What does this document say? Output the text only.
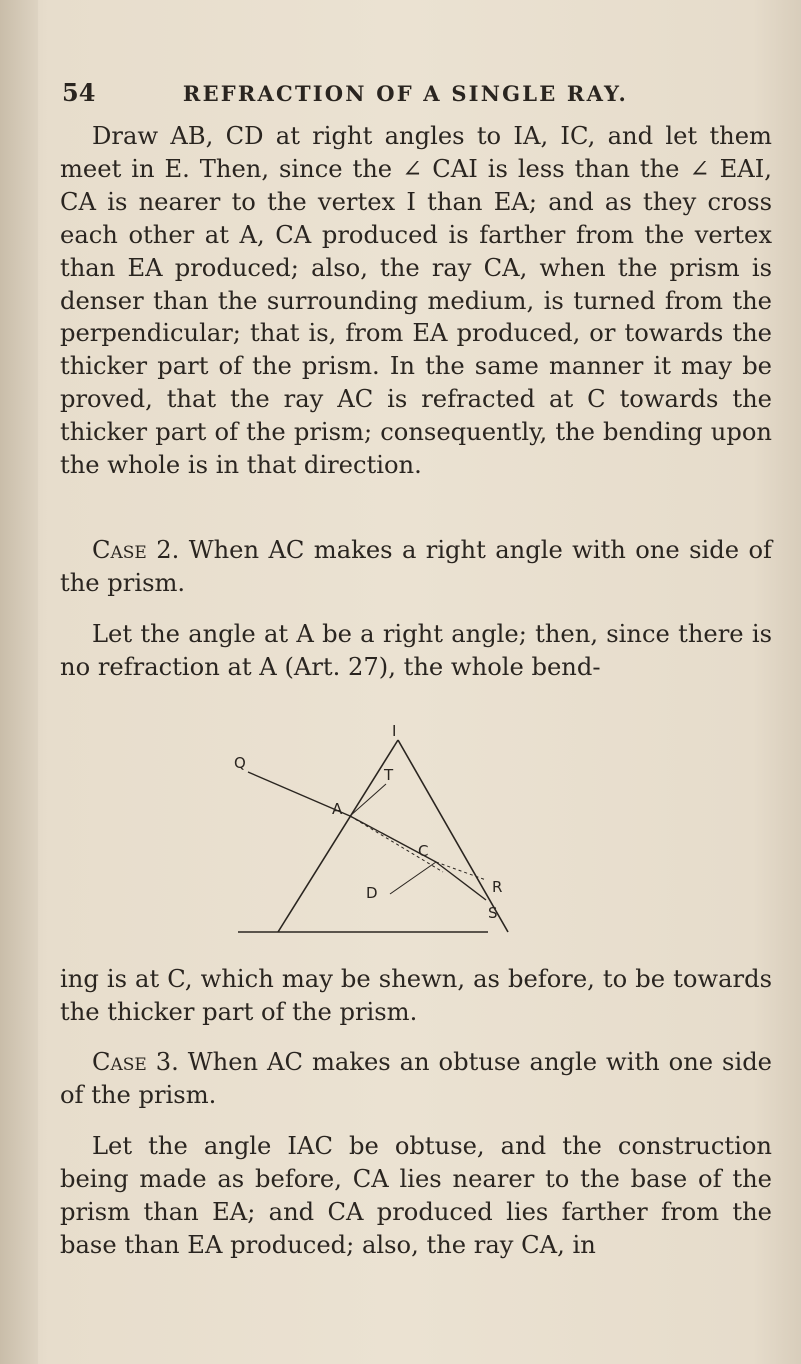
54	REFRACTION OF A SINGLE RAY.

Draw AB, CD at right angles to IA, IC, and let them meet in E. Then, since the ∠ CAI is less than the ∠ EAI, CA is nearer to the vertex I than EA; and as they cross each other at A, CA produced is farther from the vertex than EA produced; also, the ray CA, when the prism is denser than the surrounding medium, is turned from the perpendicular; that is, from EA produced, or towards the thicker part of the prism. In the same manner it may be proved, that the ray AC is refracted at C towards the thicker part of the prism; consequently, the bending upon the whole is in that direction.

Case 2. When AC makes a right angle with one side of the prism.

Let the angle at A be a right angle; then, since there is no refraction at A (Art. 27), the whole bend-

I
Q
T
A
C
D	R
S

ing is at C, which may be shewn, as before, to be towards the thicker part of the prism.

Case 3. When AC makes an obtuse angle with one side of the prism.

Let the angle IAC be obtuse, and the construction being made as before, CA lies nearer to the base of the prism than EA; and CA produced lies farther from the base than EA produced; also, the ray CA, in
